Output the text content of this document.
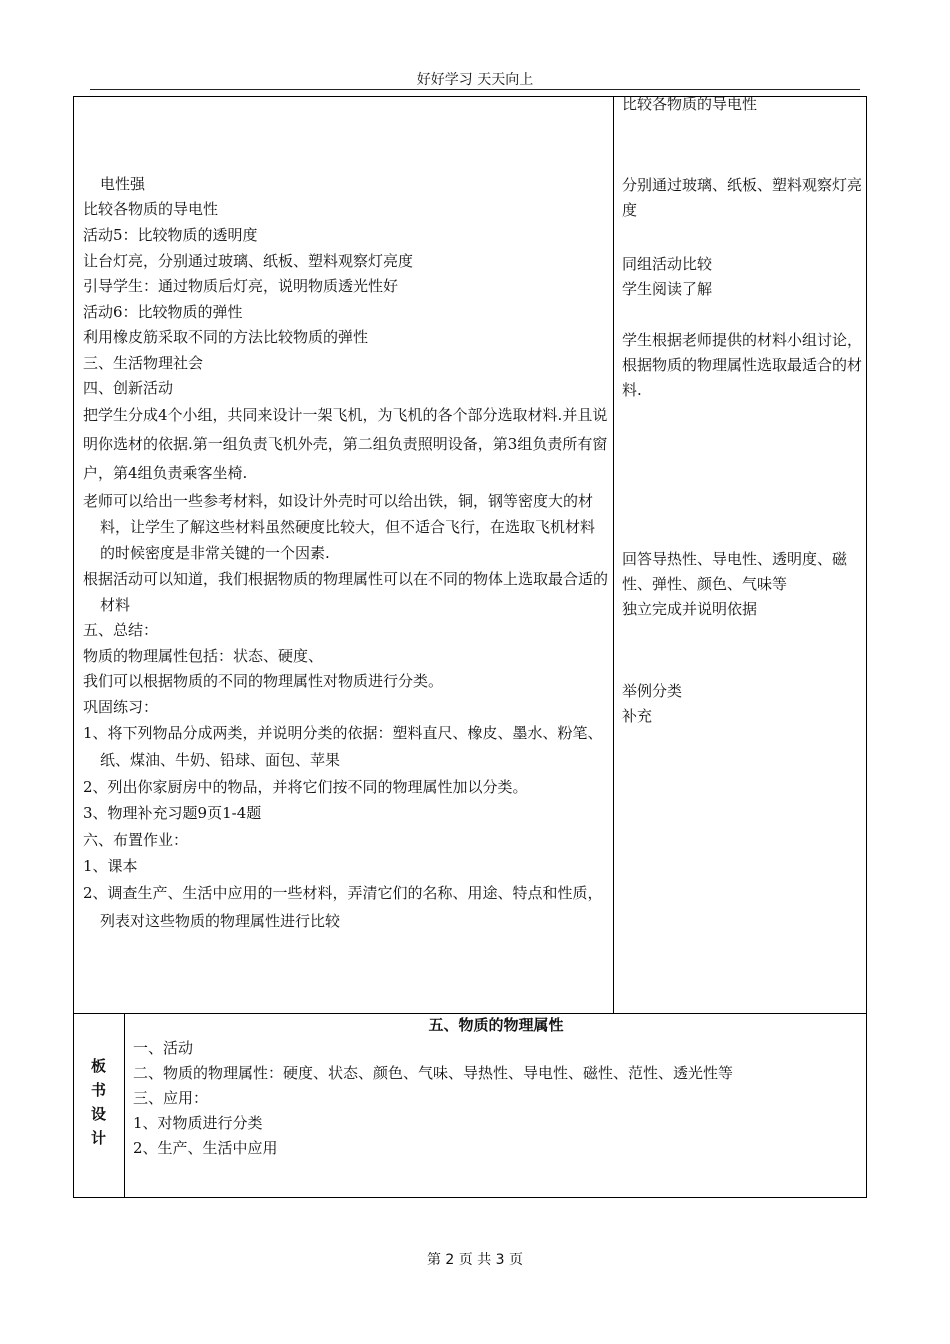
好好学习 天天向上

电性强

比较各物质的导电性

活动5：比较物质的透明度

让台灯亮，分别通过玻璃、纸板、塑料观察灯亮度

引导学生：通过物质后灯亮，说明物质透光性好

活动6：比较物质的弹性

利用橡皮筋采取不同的方法比较物质的弹性

三、生活物理社会

四、创新活动

把学生分成4个小组，共同来设计一架飞机，为飞机的各个部分选取材料.并且说明你选材的依据.第一组负责飞机外壳，第二组负责照明设备，第3组负责所有窗户，第4组负责乘客坐椅.

老师可以给出一些参考材料，如设计外壳时可以给出铁，铜，钢等密度大的材料，让学生了解这些材料虽然硬度比较大，但不适合飞行，在选取飞机材料的时候密度是非常关键的一个因素.

根据活动可以知道，我们根据物质的物理属性可以在不同的物体上选取最合适的材料

五、总结：

物质的物理属性包括：状态、硬度、

我们可以根据物质的不同的物理属性对物质进行分类。

巩固练习：

1、将下列物品分成两类，并说明分类的依据：塑料直尺、橡皮、墨水、粉笔、纸、煤油、牛奶、铅球、面包、苹果

2、列出你家厨房中的物品，并将它们按不同的物理属性加以分类。

3、物理补充习题9页1-4题

六、布置作业：

1、课本

2、调查生产、生活中应用的一些材料，弄清它们的名称、用途、特点和性质，列表对这些物质的物理属性进行比较

比较各物质的导电性

分别通过玻璃、纸板、塑料观察灯亮度

同组活动比较

学生阅读了解

学生根据老师提供的材料小组讨论，根据物质的物理属性选取最适合的材料.

回答导热性、导电性、透明度、磁性、弹性、颜色、气味等

独立完成并说明依据

举例分类

补充

板
书
设
计
五、物质的物理属性

一、活动

二、物质的物理属性：硬度、状态、颜色、气味、导热性、导电性、磁性、范性、透光性等

三、应用：

1、对物质进行分类

2、生产、生活中应用

第 2 页 共 3 页
